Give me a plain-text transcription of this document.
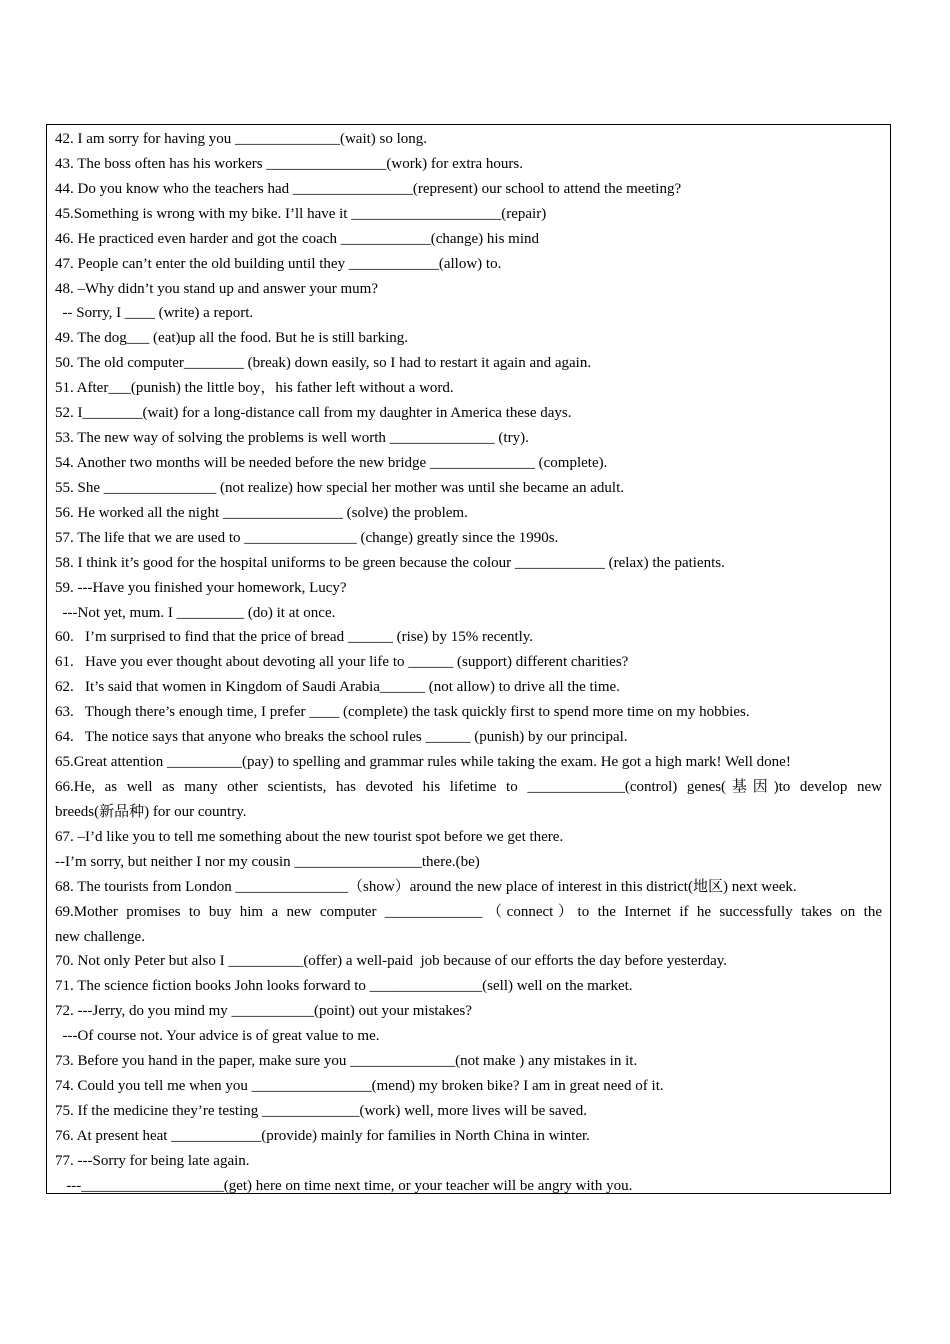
42. I am sorry for having you ______________(wait) so long.
43. The boss often has his workers ________________(work) for extra hours.
44. Do you know who the teachers had ________________(represent) our school to attend the meeting?
45.Something is wrong with my bike. I’ll have it ____________________(repair)
46. He practiced even harder and got the coach ____________(change) his mind
47. People can’t enter the old building until they ____________(allow) to.
48. –Why didn’t you stand up and answer your mum?
-- Sorry, I ____ (write) a report.
49. The dog___ (eat)up all the food. But he is still barking.
50. The old computer________ (break) down easily, so I had to restart it again and again.
51. After___(punish) the little boy，his father left without a word.
52. I________(wait) for a long-distance call from my daughter in America these days.
53. The new way of solving the problems is well worth ______________ (try).
54. Another two months will be needed before the new bridge ______________ (complete).
55. She _______________ (not realize) how special her mother was until she became an adult.
56. He worked all the night ________________ (solve) the problem.
57. The life that we are used to _______________ (change) greatly since the 1990s.
58. I think it’s good for the hospital uniforms to be green because the colour ____________ (relax) the patients.
59. ---Have you finished your homework, Lucy?
---Not yet, mum. I _________ (do) it at once.
60.   I’m surprised to find that the price of bread ______ (rise) by 15% recently.
61.   Have you ever thought about devoting all your life to ______ (support) different charities?
62.   It’s said that women in Kingdom of Saudi Arabia______ (not allow) to drive all the time.
63.   Though there’s enough time, I prefer ____ (complete) the task quickly first to spend more time on my hobbies.
64.   The notice says that anyone who breaks the school rules ______ (punish) by our principal.
65.Great attention __________(pay) to spelling and grammar rules while taking the exam. He got a high mark! Well done!
66.He, as well as many other scientists, has devoted his lifetime to _____________(control) genes(基因)to develop new
breeds(新品种) for our country.
67. –I’d like you to tell me something about the new tourist spot before we get there.
--I’m sorry, but neither I nor my cousin _________________there.(be)
68. The tourists from London _______________（show）around the new place of interest in this district(地区) next week.
69.Mother promises to buy him a new computer _____________（connect）to the Internet if he successfully takes on the
new challenge.
70. Not only Peter but also I __________(offer) a well-paid  job because of our efforts the day before yesterday.
71. The science fiction books John looks forward to _______________(sell) well on the market.
72. ---Jerry, do you mind my ___________(point) out your mistakes?
---Of course not. Your advice is of great value to me.
73. Before you hand in the paper, make sure you ______________(not make ) any mistakes in it.
74. Could you tell me when you ________________(mend) my broken bike? I am in great need of it.
75. If the medicine they’re testing _____________(work) well, more lives will be saved.
76. At present heat ____________(provide) mainly for families in North China in winter.
77. ---Sorry for being late again.
---___________________(get) here on time next time, or your teacher will be angry with you.
